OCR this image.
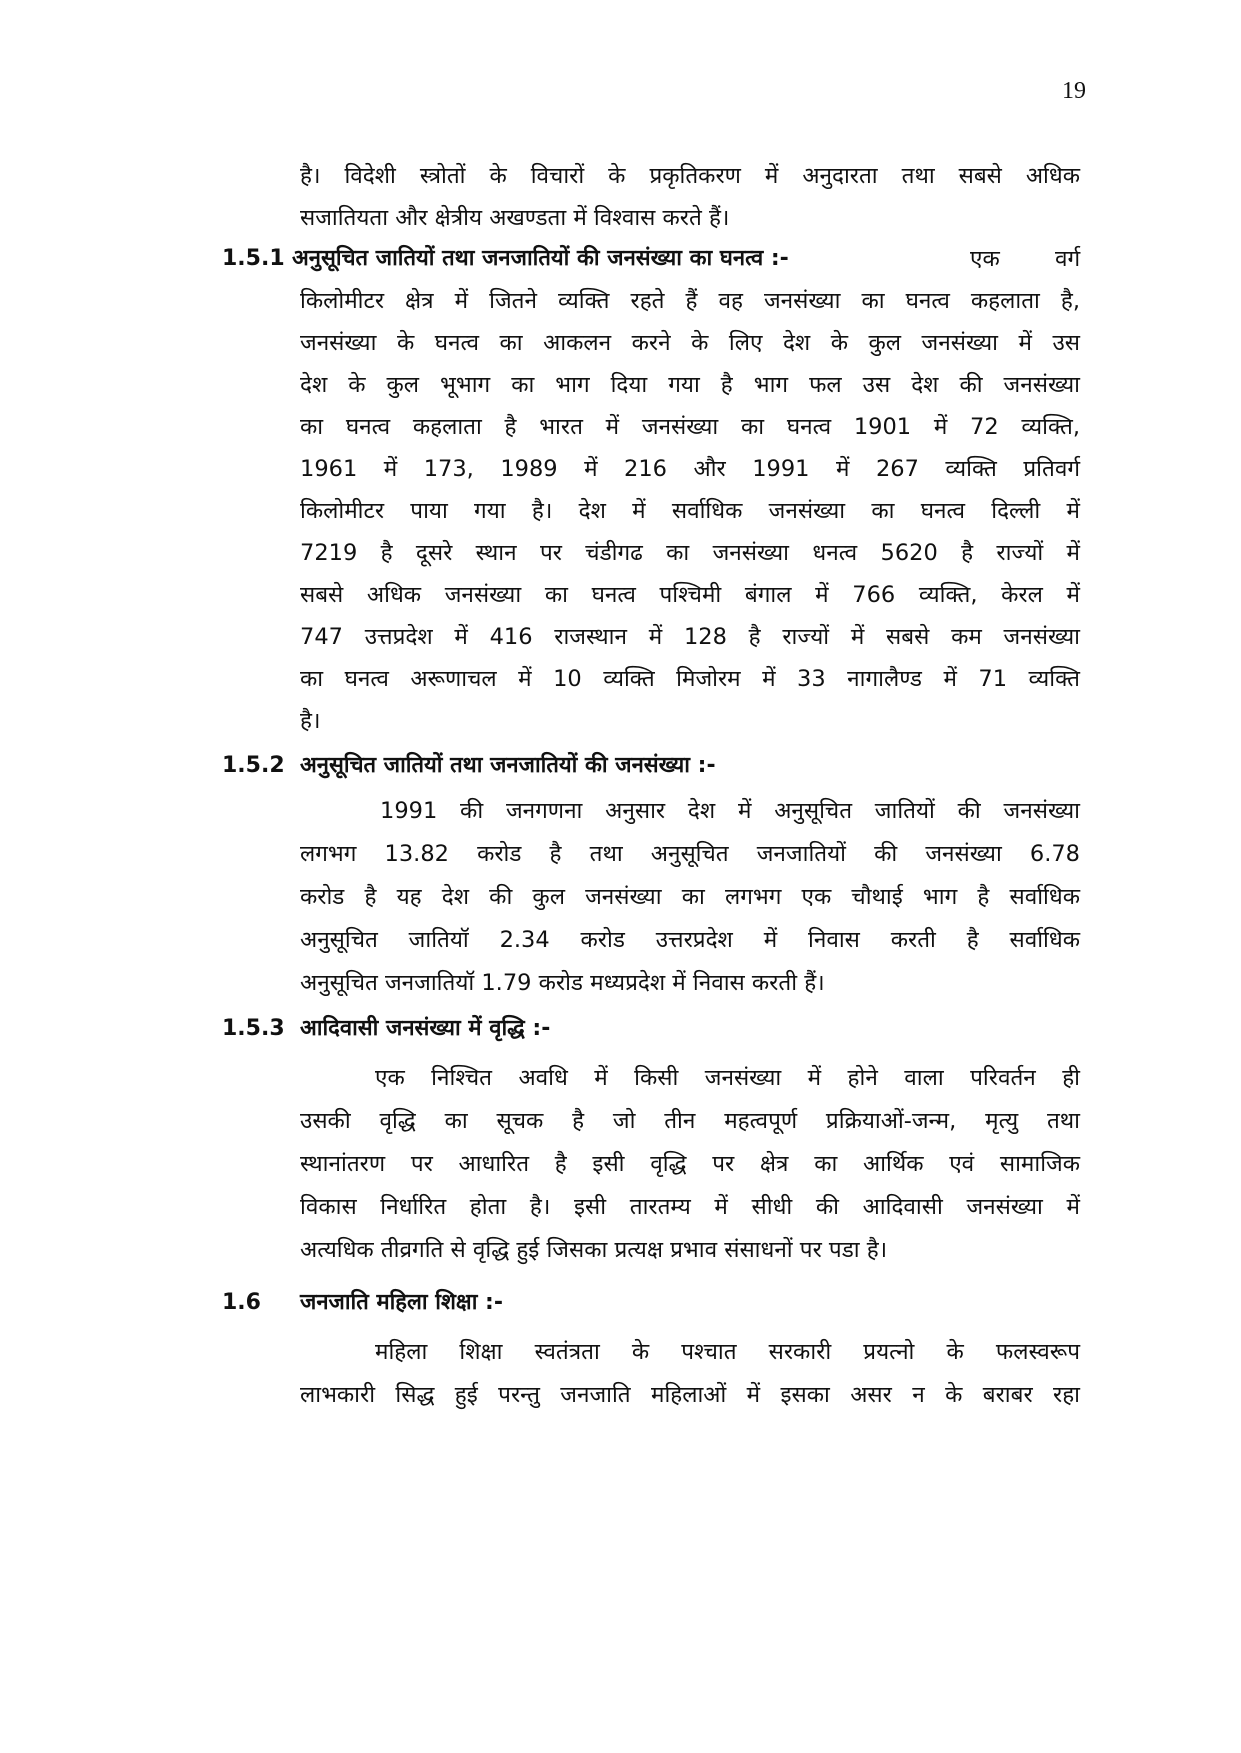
19
है। विदेशी स्त्रोतों के विचारों के प्रकृतिकरण में अनुदारता तथा सबसे अधिक
सजातियता और क्षेत्रीय अखण्डता में विश्वास करते हैं।
1.5.1 अनुसूचित जातियों तथा जनजातियों की जनसंख्या का घनत्व :-	एक वर्ग
किलोमीटर क्षेत्र में जितने व्यक्ति रहते हैं वह जनसंख्या का घनत्व कहलाता है,
जनसंख्या के घनत्व का आकलन करने के लिए देश के कुल जनसंख्या में उस
देश के कुल भूभाग का भाग दिया गया है भाग फल उस देश की जनसंख्या
का घनत्व कहलाता है भारत में जनसंख्या का घनत्व 1901 में 72 व्यक्ति,
1961 में 173, 1989 में 216 और 1991 में 267 व्यक्ति प्रतिवर्ग
किलोमीटर पाया गया है। देश में सर्वाधिक जनसंख्या का घनत्व दिल्ली में
7219 है दूसरे स्थान पर चंडीगढ का जनसंख्या धनत्व 5620 है राज्यों में
सबसे अधिक जनसंख्या का घनत्व पश्चिमी बंगाल में 766 व्यक्ति, केरल में
747 उत्तप्रदेश में 416 राजस्थान में 128 है राज्यों में सबसे कम जनसंख्या
का घनत्व अरूणाचल में 10 व्यक्ति मिजोरम में 33 नागालैण्ड में 71 व्यक्ति
है।
1.5.2 अनुसूचित जातियों तथा जनजातियों की जनसंख्या :-
1991 की जनगणना अनुसार देश में अनुसूचित जातियों की जनसंख्या
लगभग 13.82 करोड है तथा अनुसूचित जनजातियों की जनसंख्या 6.78
करोड है यह देश की कुल जनसंख्या का लगभग एक चौथाई भाग है सर्वाधिक
अनुसूचित जातियॉ 2.34 करोड उत्तरप्रदेश में निवास करती है सर्वाधिक
अनुसूचित जनजातियॉ 1.79 करोड मध्यप्रदेश में निवास करती हैं।
1.5.3 आदिवासी जनसंख्या में वृद्धि :-
एक निश्चित अवधि में किसी जनसंख्या में होने वाला परिवर्तन ही
उसकी वृद्धि का सूचक है जो तीन महत्वपूर्ण प्रक्रियाओं-जन्म, मृत्यु तथा
स्थानांतरण पर आधारित है इसी वृद्धि पर क्षेत्र का आर्थिक एवं सामाजिक
विकास निर्धारित होता है। इसी तारतम्य में सीधी की आदिवासी जनसंख्या में
अत्यधिक तीव्रगति से वृद्धि हुई जिसका प्रत्यक्ष प्रभाव संसाधनों पर पडा है।
1.6 जनजाति महिला शिक्षा :-
महिला शिक्षा स्वतंत्रता के पश्चात सरकारी प्रयत्नो के फलस्वरूप
लाभकारी सिद्ध हुई परन्तु जनजाति महिलाओं में इसका असर न के बराबर रहा
